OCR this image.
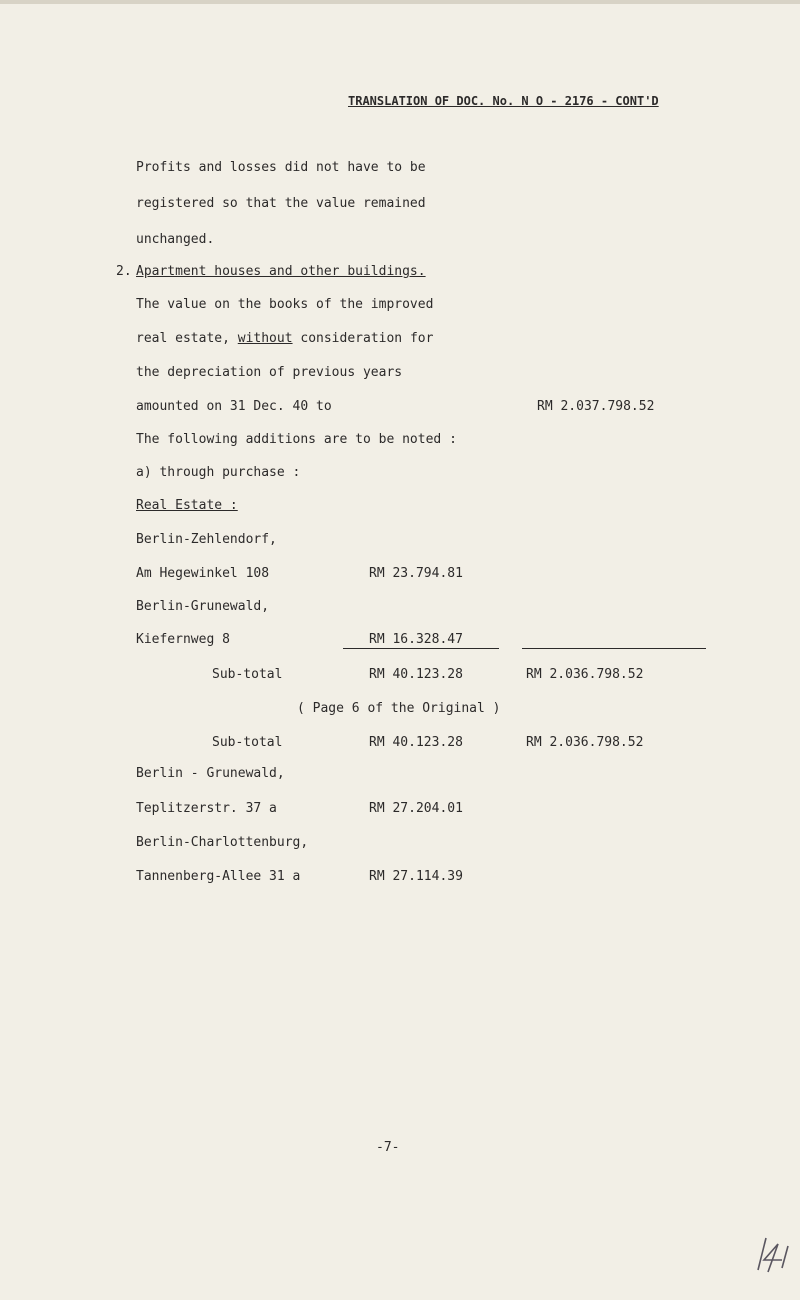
TRANSLATION OF DOC. No. N O - 2176 - CONT'D
Profits and losses did not have to be
registered so that the value remained
unchanged.
2. Apartment houses and other buildings.
The value on the books of the improved
real estate, without consideration for
the depreciation of previous years
amounted on 31 Dec. 40 to	RM 2.037.798.52
The following additions are to be noted :
a) through purchase :
Real Estate :
Berlin-Zehlendorf,
Am Hegewinkel 108	RM 23.794.81
Berlin-Grunewald,
Kiefernweg 8	RM 16.328.47
Sub-total	RM 40.123.28	RM 2.036.798.52
( Page 6 of the Original )
Sub-total	RM 40.123.28	RM 2.036.798.52
Berlin - Grunewald,
Teplitzerstr. 37 a	RM 27.204.01
Berlin-Charlottenburg,
Tannenberg-Allee 31 a	RM 27.114.39
-7-
